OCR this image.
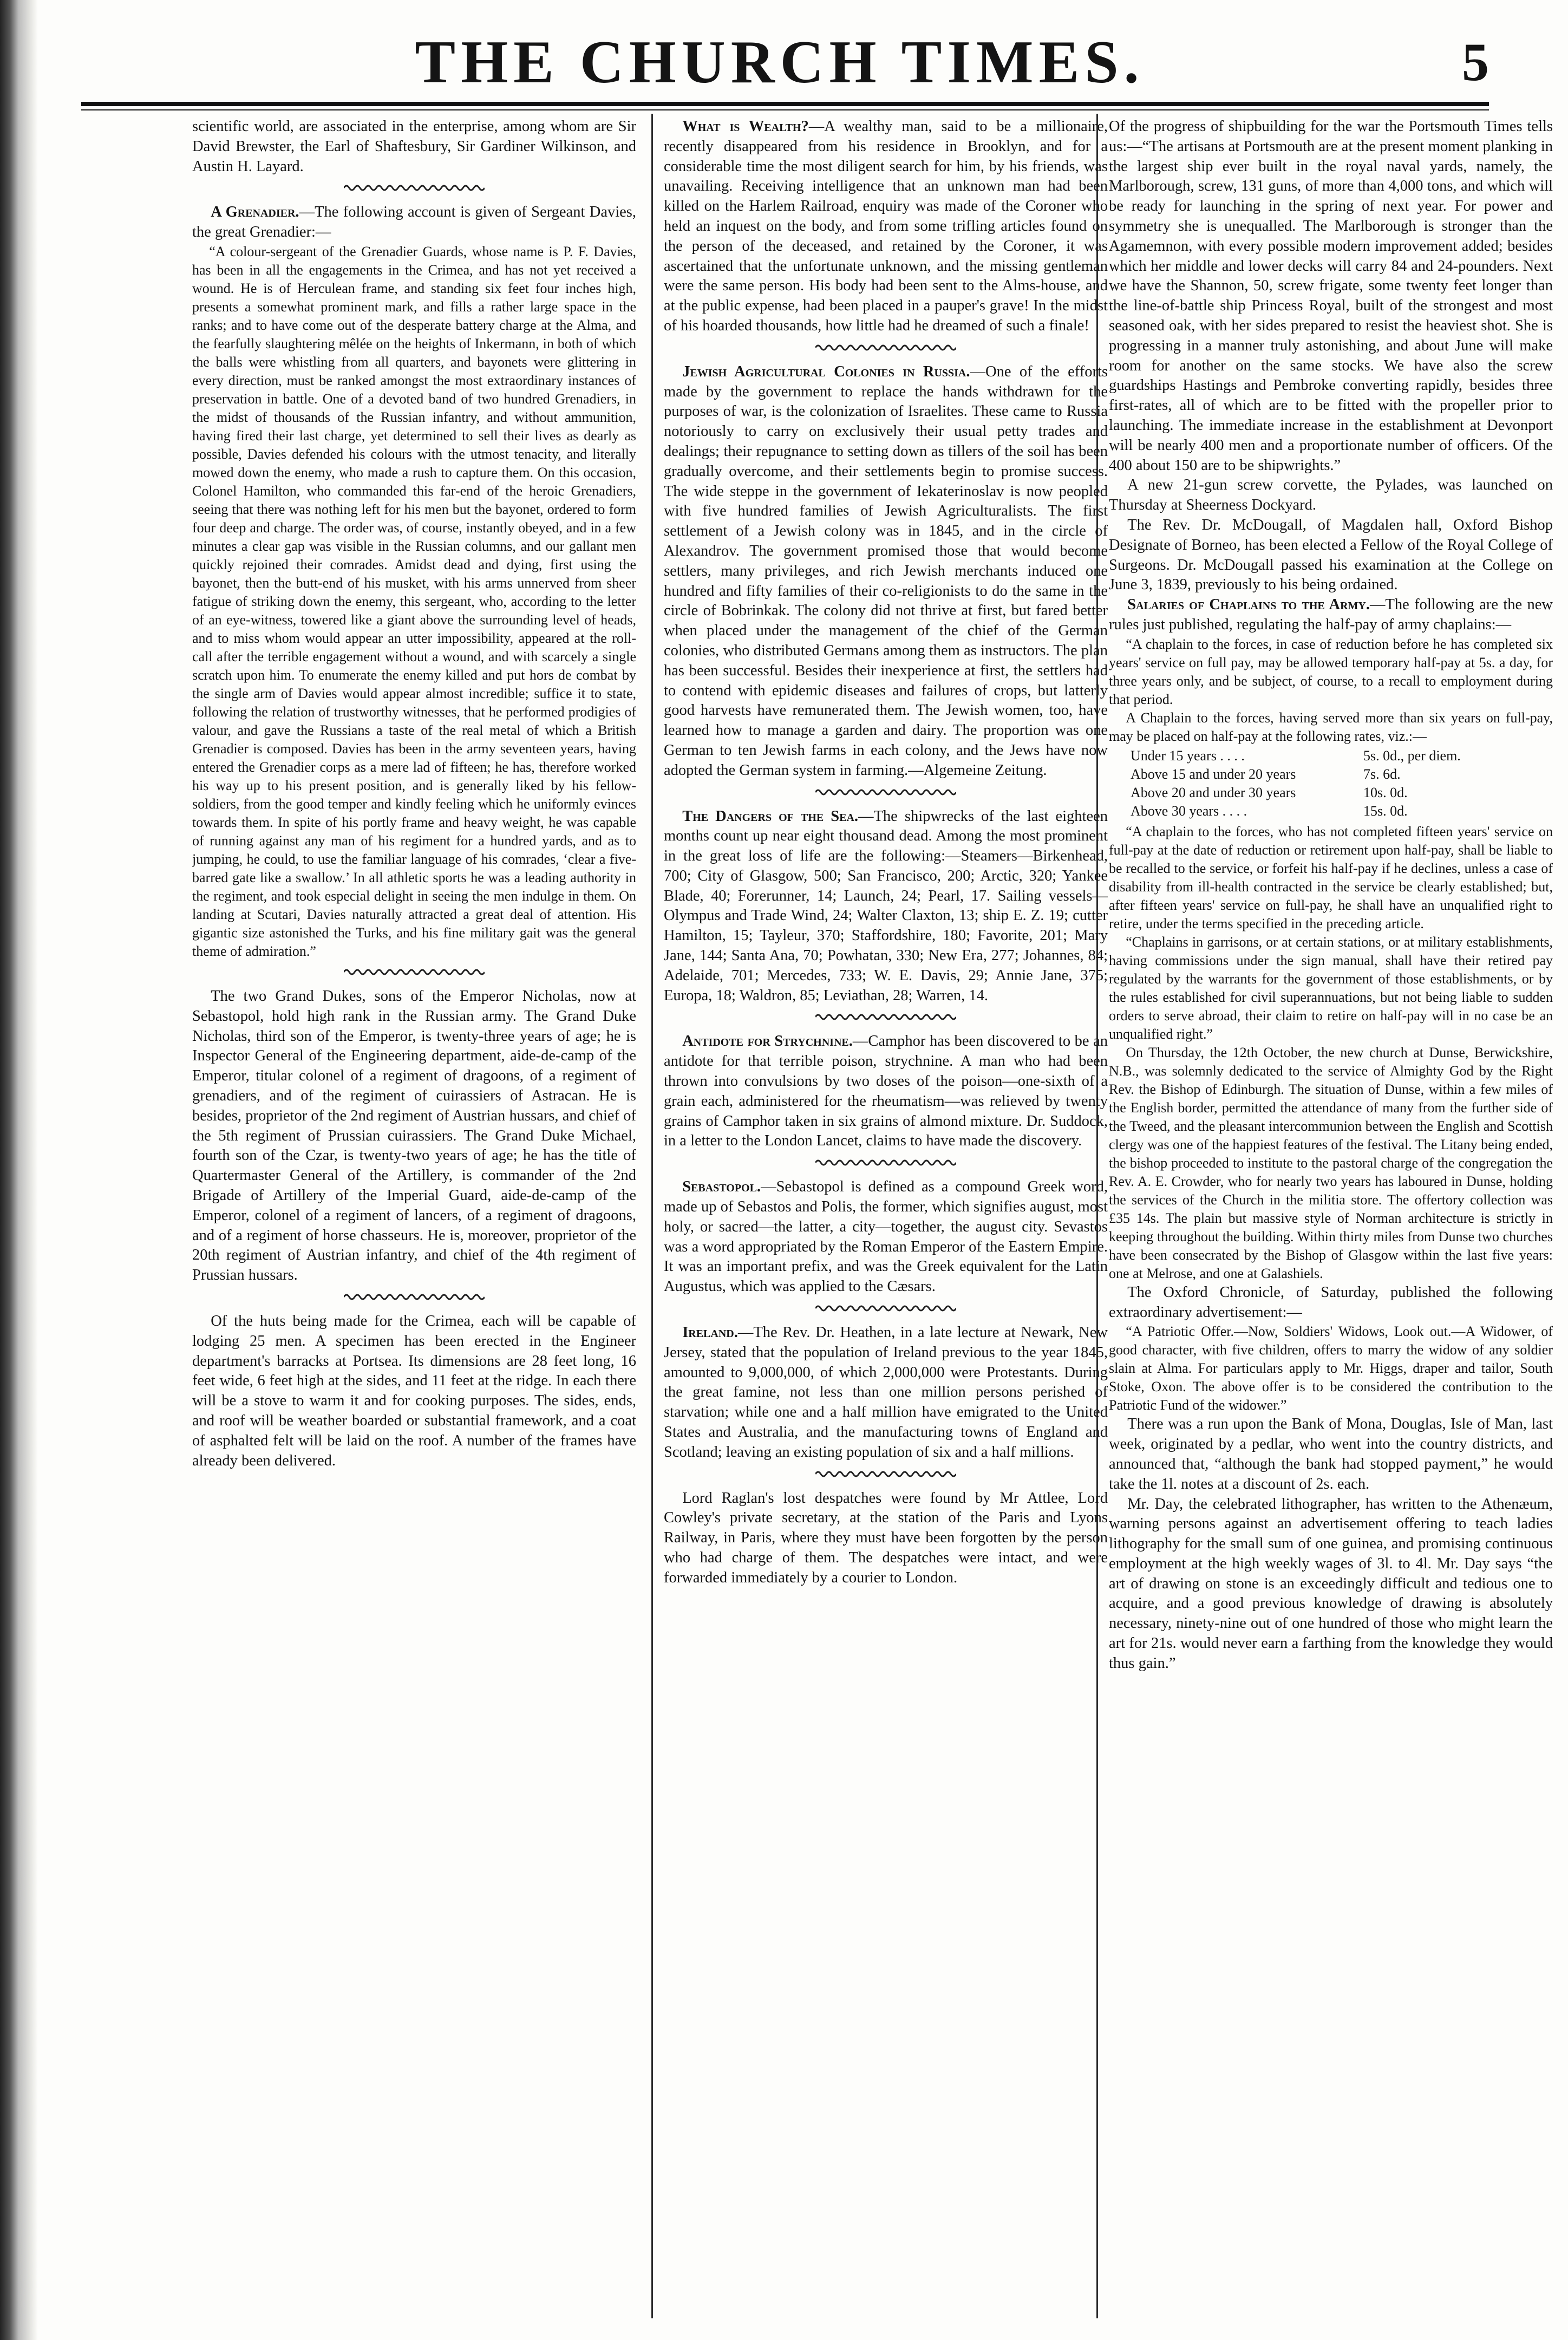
THE CHURCH TIMES.	5

scientific world, are associated in the enterprise, among whom are Sir David Brewster, the Earl of Shaftesbury, Sir Gardiner Wilkinson, and Austin H. Layard.

A Grenadier.—The following account is given of Sergeant Davies, the great Grenadier:—

“A colour-sergeant of the Grenadier Guards, whose name is P. F. Davies, has been in all the engagements in the Crimea, and has not yet received a wound. He is of Herculean frame, and standing six feet four inches high, presents a somewhat prominent mark, and fills a rather large space in the ranks; and to have come out of the desperate battery charge at the Alma, and the fearfully slaughtering mêlée on the heights of Inkermann, in both of which the balls were whistling from all quarters, and bayonets were glittering in every direction, must be ranked amongst the most extraordinary instances of preservation in battle. One of a devoted band of two hundred Grenadiers, in the midst of thousands of the Russian infantry, and without ammunition, having fired their last charge, yet determined to sell their lives as dearly as possible, Davies defended his colours with the utmost tenacity, and literally mowed down the enemy, who made a rush to capture them. On this occasion, Colonel Hamilton, who commanded this far-end of the heroic Grenadiers, seeing that there was nothing left for his men but the bayonet, ordered to form four deep and charge. The order was, of course, instantly obeyed, and in a few minutes a clear gap was visible in the Russian columns, and our gallant men quickly rejoined their comrades. Amidst dead and dying, first using the bayonet, then the butt-end of his musket, with his arms unnerved from sheer fatigue of striking down the enemy, this sergeant, who, according to the letter of an eye-witness, towered like a giant above the surrounding level of heads, and to miss whom would appear an utter impossibility, appeared at the roll-call after the terrible engagement without a wound, and with scarcely a single scratch upon him. To enumerate the enemy killed and put hors de combat by the single arm of Davies would appear almost incredible; suffice it to state, following the relation of trustworthy witnesses, that he performed prodigies of valour, and gave the Russians a taste of the real metal of which a British Grenadier is composed. Davies has been in the army seventeen years, having entered the Grenadier corps as a mere lad of fifteen; he has, therefore worked his way up to his present position, and is generally liked by his fellow-soldiers, from the good temper and kindly feeling which he uniformly evinces towards them. In spite of his portly frame and heavy weight, he was capable of running against any man of his regiment for a hundred yards, and as to jumping, he could, to use the familiar language of his comrades, ‘clear a five-barred gate like a swallow.’ In all athletic sports he was a leading authority in the regiment, and took especial delight in seeing the men indulge in them. On landing at Scutari, Davies naturally attracted a great deal of attention. His gigantic size astonished the Turks, and his fine military gait was the general theme of admiration.”

The two Grand Dukes, sons of the Emperor Nicholas, now at Sebastopol, hold high rank in the Russian army. The Grand Duke Nicholas, third son of the Emperor, is twenty-three years of age; he is Inspector General of the Engineering department, aide-de-camp of the Emperor, titular colonel of a regiment of dragoons, of a regiment of grenadiers, and of the regiment of cuirassiers of Astracan. He is besides, proprietor of the 2nd regiment of Austrian hussars, and chief of the 5th regiment of Prussian cuirassiers. The Grand Duke Michael, fourth son of the Czar, is twenty-two years of age; he has the title of Quartermaster General of the Artillery, is commander of the 2nd Brigade of Artillery of the Imperial Guard, aide-de-camp of the Emperor, colonel of a regiment of lancers, of a regiment of dragoons, and of a regiment of horse chasseurs. He is, moreover, proprietor of the 20th regiment of Austrian infantry, and chief of the 4th regiment of Prussian hussars.

Of the huts being made for the Crimea, each will be capable of lodging 25 men. A specimen has been erected in the Engineer department's barracks at Portsea. Its dimensions are 28 feet long, 16 feet wide, 6 feet high at the sides, and 11 feet at the ridge. In each there will be a stove to warm it and for cooking purposes. The sides, ends, and roof will be weather boarded or substantial framework, and a coat of asphalted felt will be laid on the roof. A number of the frames have already been delivered.

What is Wealth?—A wealthy man, said to be a millionaire, recently disappeared from his residence in Brooklyn, and for a considerable time the most diligent search for him, by his friends, was unavailing. Receiving intelligence that an unknown man had been killed on the Harlem Railroad, enquiry was made of the Coroner who held an inquest on the body, and from some trifling articles found on the person of the deceased, and retained by the Coroner, it was ascertained that the unfortunate unknown, and the missing gentleman were the same person. His body had been sent to the Alms-house, and at the public expense, had been placed in a pauper's grave! In the midst of his hoarded thousands, how little had he dreamed of such a finale!

Jewish Agricultural Colonies in Russia.—One of the efforts made by the government to replace the hands withdrawn for the purposes of war, is the colonization of Israelites. These came to Russia notoriously to carry on exclusively their usual petty trades and dealings; their repugnance to setting down as tillers of the soil has been gradually overcome, and their settlements begin to promise success. The wide steppe in the government of Iekaterinoslav is now peopled with five hundred families of Jewish Agriculturalists. The first settlement of a Jewish colony was in 1845, and in the circle of Alexandrov. The government promised those that would become settlers, many privileges, and rich Jewish merchants induced one hundred and fifty families of their co-religionists to do the same in the circle of Bobrinkak. The colony did not thrive at first, but fared better when placed under the management of the chief of the German colonies, who distributed Germans among them as instructors. The plan has been successful. Besides their inexperience at first, the settlers had to contend with epidemic diseases and failures of crops, but latterly good harvests have remunerated them. The Jewish women, too, have learned how to manage a garden and dairy. The proportion was one German to ten Jewish farms in each colony, and the Jews have now adopted the German system in farming.—Algemeine Zeitung.

The Dangers of the Sea.—The shipwrecks of the last eighteen months count up near eight thousand dead. Among the most prominent in the great loss of life are the following:—Steamers—Birkenhead, 700; City of Glasgow, 500; San Francisco, 200; Arctic, 320; Yankee Blade, 40; Forerunner, 14; Launch, 24; Pearl, 17. Sailing vessels—Olympus and Trade Wind, 24; Walter Claxton, 13; ship E. Z. 19; cutter Hamilton, 15; Tayleur, 370; Staffordshire, 180; Favorite, 201; Mary Jane, 144; Santa Ana, 70; Powhatan, 330; New Era, 277; Johannes, 84; Adelaide, 701; Mercedes, 733; W. E. Davis, 29; Annie Jane, 375; Europa, 18; Waldron, 85; Leviathan, 28; Warren, 14.

Antidote for Strychnine.—Camphor has been discovered to be an antidote for that terrible poison, strychnine. A man who had been thrown into convulsions by two doses of the poison—one-sixth of a grain each, administered for the rheumatism—was relieved by twenty grains of Camphor taken in six grains of almond mixture. Dr. Suddock, in a letter to the London Lancet, claims to have made the discovery.

Sebastopol.—Sebastopol is defined as a compound Greek word, made up of Sebastos and Polis, the former, which signifies august, most holy, or sacred—the latter, a city—together, the august city. Sevastos was a word appropriated by the Roman Emperor of the Eastern Empire. It was an important prefix, and was the Greek equivalent for the Latin Augustus, which was applied to the Cæsars.

Ireland.—The Rev. Dr. Heathen, in a late lecture at Newark, New Jersey, stated that the population of Ireland previous to the year 1845, amounted to 9,000,000, of which 2,000,000 were Protestants. During the great famine, not less than one million persons perished of starvation; while one and a half million have emigrated to the United States and Australia, and the manufacturing towns of England and Scotland; leaving an existing population of six and a half millions.

Lord Raglan's lost despatches were found by Mr Attlee, Lord Cowley's private secretary, at the station of the Paris and Lyons Railway, in Paris, where they must have been forgotten by the person who had charge of them. The despatches were intact, and were forwarded immediately by a courier to London.

Of the progress of shipbuilding for the war the Portsmouth Times tells us:—“The artisans at Portsmouth are at the present moment planking in the largest ship ever built in the royal naval yards, namely, the Marlborough, screw, 131 guns, of more than 4,000 tons, and which will be ready for launching in the spring of next year. For power and symmetry she is unequalled. The Marlborough is stronger than the Agamemnon, with every possible modern improvement added; besides which her middle and lower decks will carry 84 and 24-pounders. Next we have the Shannon, 50, screw frigate, some twenty feet longer than the line-of-battle ship Princess Royal, built of the strongest and most seasoned oak, with her sides prepared to resist the heaviest shot. She is progressing in a manner truly astonishing, and about June will make room for another on the same stocks. We have also the screw guardships Hastings and Pembroke converting rapidly, besides three first-rates, all of which are to be fitted with the propeller prior to launching. The immediate increase in the establishment at Devonport will be nearly 400 men and a proportionate number of officers. Of the 400 about 150 are to be shipwrights.”

A new 21-gun screw corvette, the Pylades, was launched on Thursday at Sheerness Dockyard.

The Rev. Dr. McDougall, of Magdalen hall, Oxford Bishop Designate of Borneo, has been elected a Fellow of the Royal College of Surgeons. Dr. McDougall passed his examination at the College on June 3, 1839, previously to his being ordained.

Salaries of Chaplains to the Army.—The following are the new rules just published, regulating the half-pay of army chaplains:—

“A chaplain to the forces, in case of reduction before he has completed six years' service on full pay, may be allowed temporary half-pay at 5s. a day, for three years only, and be subject, of course, to a recall to employment during that period.

A Chaplain to the forces, having served more than six years on full-pay, may be placed on half-pay at the following rates, viz.:—

Under 15 years . . . .	5s. 0d., per diem.
Above 15 and under 20 years	7s. 6d.
Above 20 and under 30 years	10s. 0d.
Above 30 years . . . .	15s. 0d.

“A chaplain to the forces, who has not completed fifteen years' service on full-pay at the date of reduction or retirement upon half-pay, shall be liable to be recalled to the service, or forfeit his half-pay if he declines, unless a case of disability from ill-health contracted in the service be clearly established; but, after fifteen years' service on full-pay, he shall have an unqualified right to retire, under the terms specified in the preceding article.

“Chaplains in garrisons, or at certain stations, or at military establishments, having commissions under the sign manual, shall have their retired pay regulated by the warrants for the government of those establishments, or by the rules established for civil superannuations, but not being liable to sudden orders to serve abroad, their claim to retire on half-pay will in no case be an unqualified right.”

On Thursday, the 12th October, the new church at Dunse, Berwickshire, N.B., was solemnly dedicated to the service of Almighty God by the Right Rev. the Bishop of Edinburgh. The situation of Dunse, within a few miles of the English border, permitted the attendance of many from the further side of the Tweed, and the pleasant intercommunion between the English and Scottish clergy was one of the happiest features of the festival. The Litany being ended, the bishop proceeded to institute to the pastoral charge of the congregation the Rev. A. E. Crowder, who for nearly two years has laboured in Dunse, holding the services of the Church in the militia store. The offertory collection was £35 14s. The plain but massive style of Norman architecture is strictly in keeping throughout the building. Within thirty miles from Dunse two churches have been consecrated by the Bishop of Glasgow within the last five years: one at Melrose, and one at Galashiels.

The Oxford Chronicle, of Saturday, published the following extraordinary advertisement:—

“A Patriotic Offer.—Now, Soldiers' Widows, Look out.—A Widower, of good character, with five children, offers to marry the widow of any soldier slain at Alma. For particulars apply to Mr. Higgs, draper and tailor, South Stoke, Oxon. The above offer is to be considered the contribution to the Patriotic Fund of the widower.”

There was a run upon the Bank of Mona, Douglas, Isle of Man, last week, originated by a pedlar, who went into the country districts, and announced that, “although the bank had stopped payment,” he would take the 1l. notes at a discount of 2s. each.

Mr. Day, the celebrated lithographer, has written to the Athenæum, warning persons against an advertisement offering to teach ladies lithography for the small sum of one guinea, and promising continuous employment at the high weekly wages of 3l. to 4l. Mr. Day says “the art of drawing on stone is an exceedingly difficult and tedious one to acquire, and a good previous knowledge of drawing is absolutely necessary, ninety-nine out of one hundred of those who might learn the art for 21s. would never earn a farthing from the knowledge they would thus gain.”
